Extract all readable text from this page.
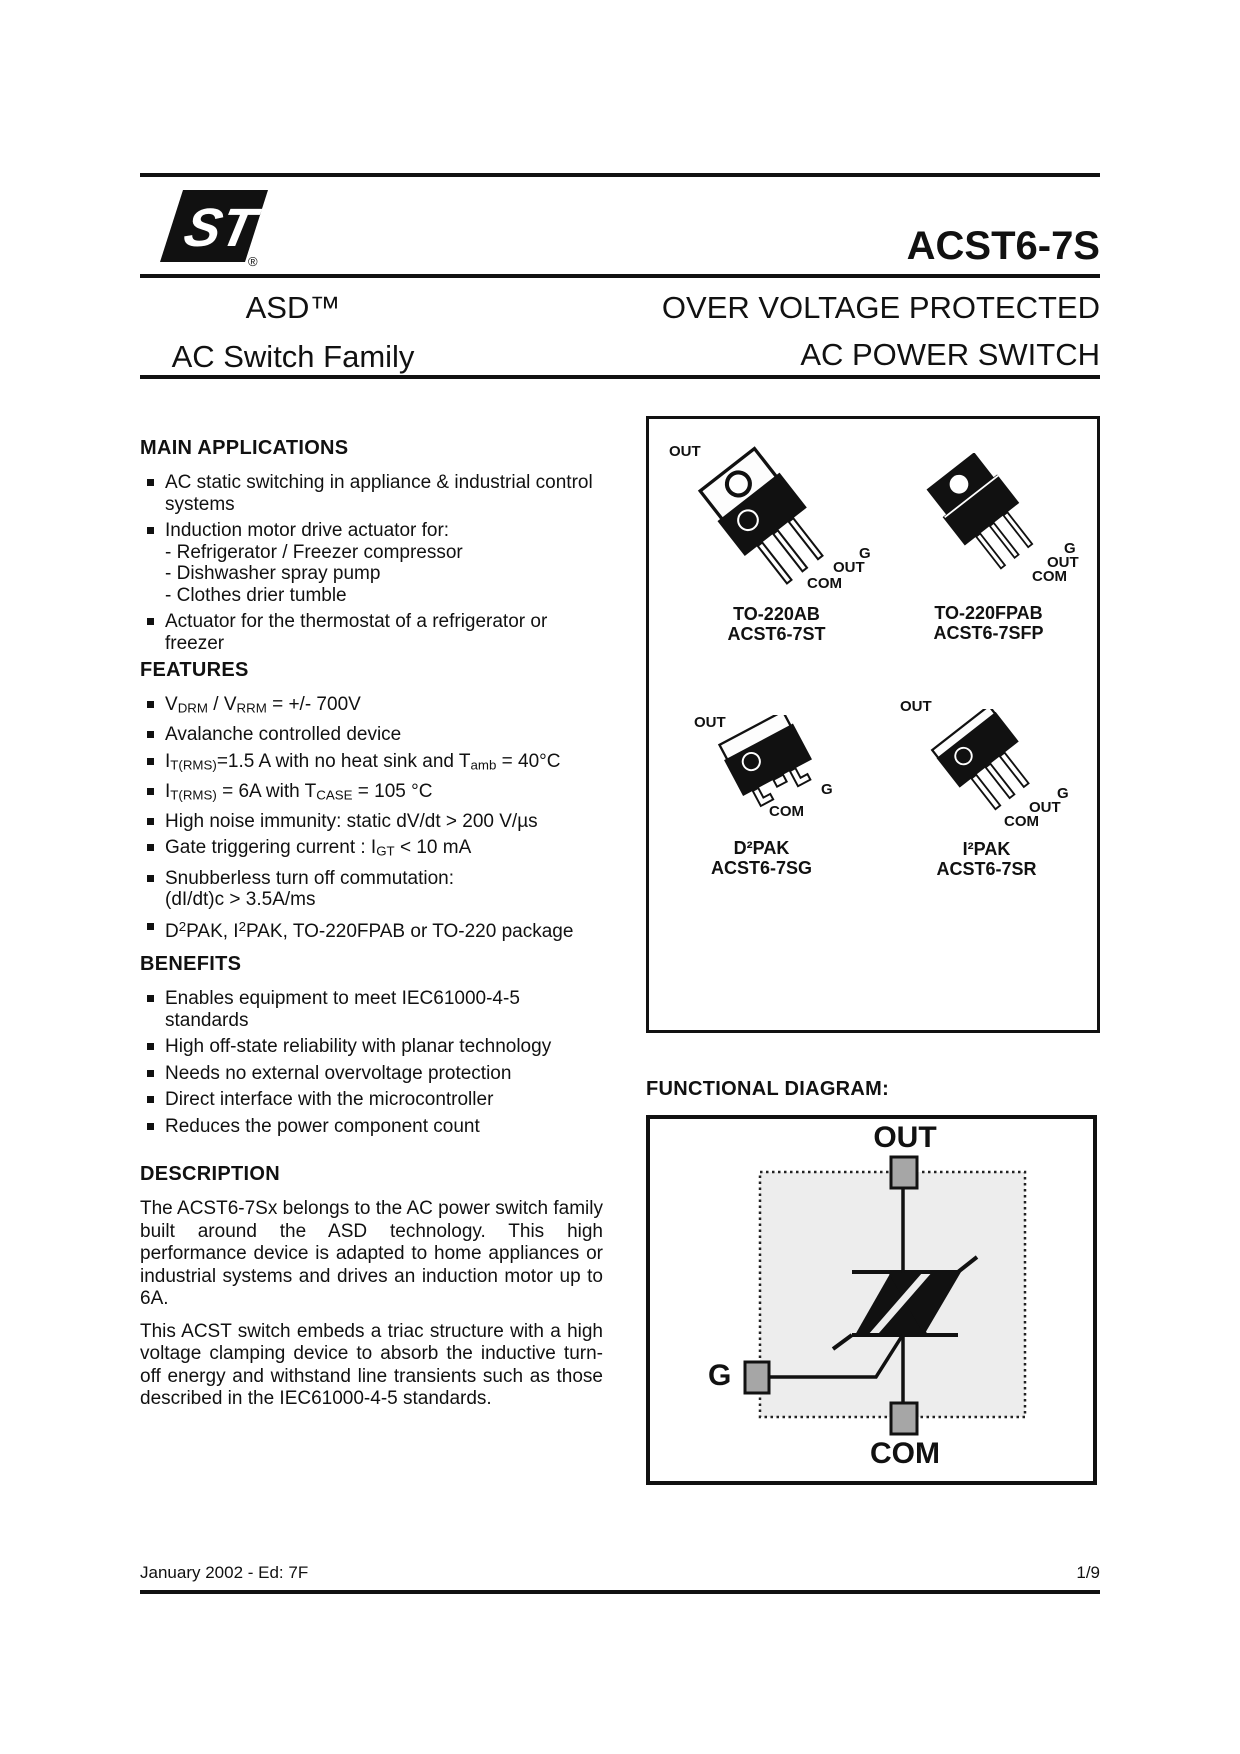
ST
®	ACST6-7S
ASD™
AC Switch Family
OVER VOLTAGE PROTECTED
AC POWER SWITCH
MAIN APPLICATIONS
AC static switching in appliance & industrial control systems
Induction motor drive actuator for:
- Refrigerator / Freezer compressor
- Dishwasher spray pump
- Clothes drier tumble
Actuator for the thermostat of a refrigerator or freezer
FEATURES
$V_{DRM} / V_{RRM}$ = +/- 700V
Avalanche controlled device
$I_{T(RMS)}=1.5$ A with no heat sink and $T_{amb} = 40^\circ C$
$I_{T(RMS)} = 6A$ with $T_{CASE} = 105$ °C
High noise immunity: static dV/dt > 200 V/µs
Gate triggering current : $I_{GT} < 10$ mA
Snubberless turn off commutation:
(dI/dt)c > 3.5A/ms
$D^2PAK$, $I^2PAK$, TO-220FPAB or TO-220 package
BENEFITS
Enables equipment to meet IEC61000-4-5 standards
High off-state reliability with planar technology
Needs no external overvoltage protection
Direct interface with the microcontroller
Reduces the power component count
DESCRIPTION
The ACST6-7Sx belongs to the AC power switch family built around the ASD technology. This high performance device is adapted to home appliances or industrial systems and drives an induction motor up to 6A.
This ACST switch embeds a triac structure with a high voltage clamping device to absorb the inductive turn-off energy and withstand line transients such as those described in the IEC61000-4-5 standards.
OUT
G
OUT
COM
TO-220AB
ACST6-7ST
G
OUT
COM
TO-220FPAB
ACST6-7SFP
OUT
G
COM
D²PAK
ACST6-7SG
OUT
G
OUT
COM
I²PAK
ACST6-7SR
FUNCTIONAL DIAGRAM:
OUT
G
COM
January 2002 - Ed: 7F	1/9
